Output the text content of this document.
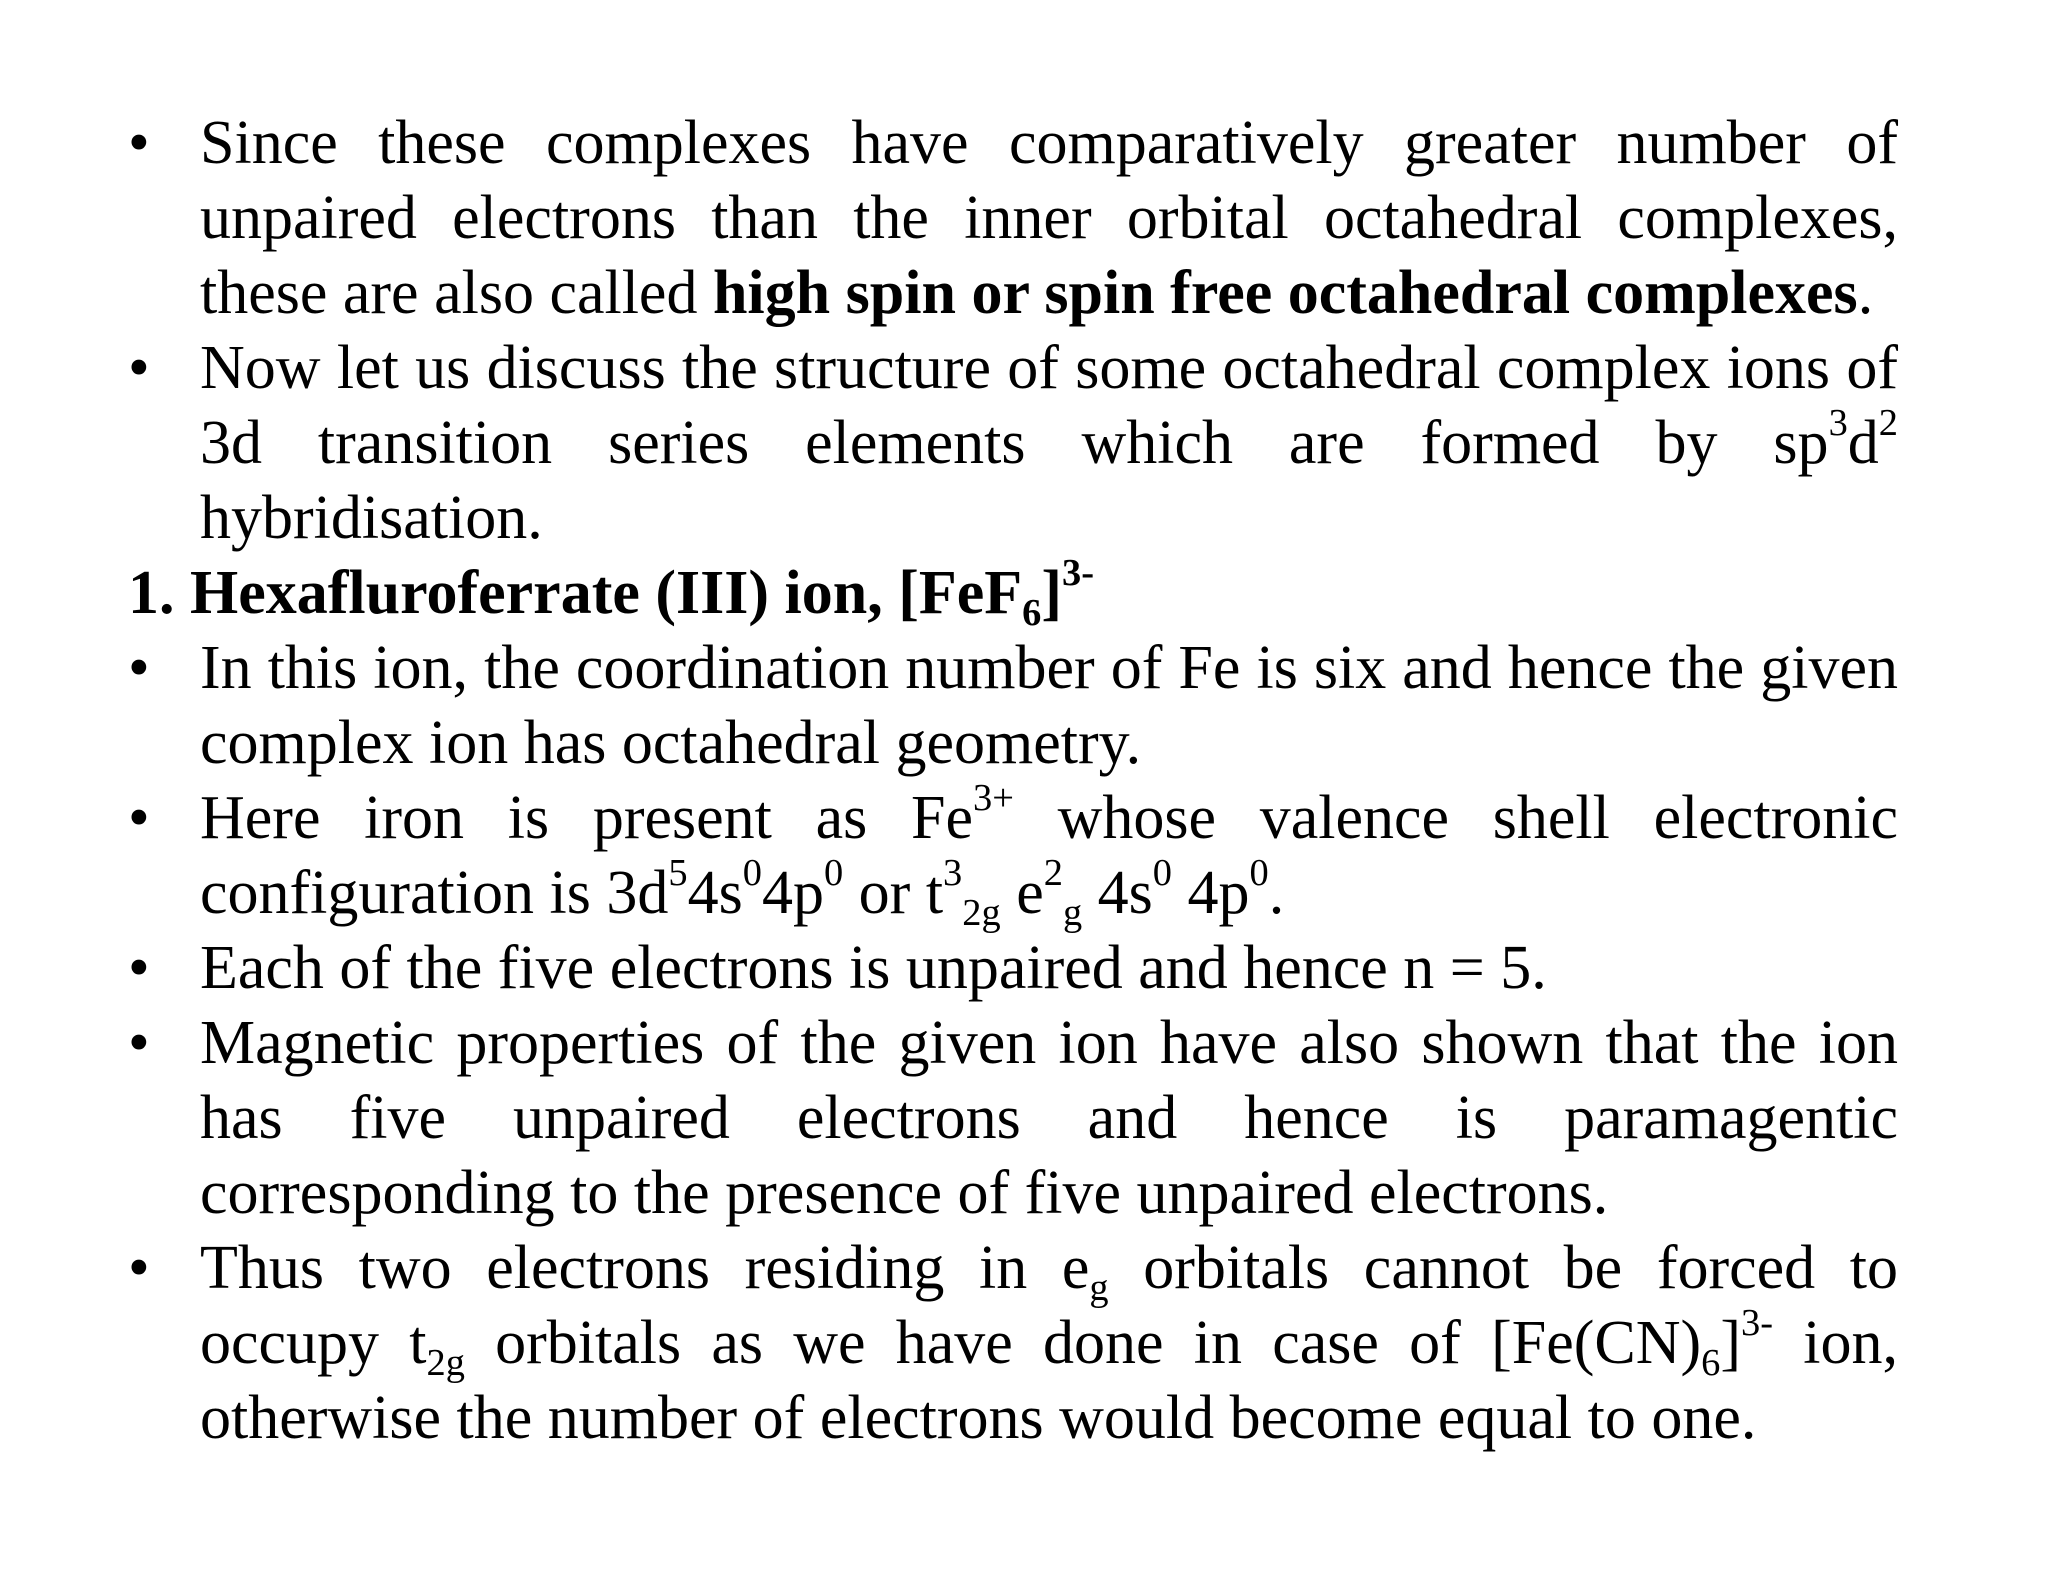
• Since these complexes have comparatively greater number of unpaired electrons than the inner orbital octahedral complexes, these are also called high spin or spin free octahedral complexes.
• Now let us discuss the structure of some octahedral complex ions of 3d transition series elements which are formed by $sp^3d^2$ hybridisation.
1. Hexafluroferrate (III) ion, $[FeF_6]^{3-}$
• In this ion, the coordination number of Fe is six and hence the given complex ion has octahedral geometry.
• Here iron is present as $Fe^{3+}$ whose valence shell electronic configuration is $3d^54s^04p^0$ or $t^3_{2g}$ $e^2_g$ $4s^0$ $4p^0$.
• Each of the five electrons is unpaired and hence n = 5.
• Magnetic properties of the given ion have also shown that the ion has five unpaired electrons and hence is paramagentic corresponding to the presence of five unpaired electrons.
• Thus two electrons residing in $e_g$ orbitals cannot be forced to occupy $t_{2g}$ orbitals as we have done in case of $[Fe(CN)_6]^{3-}$ ion, otherwise the number of electrons would become equal to one.
